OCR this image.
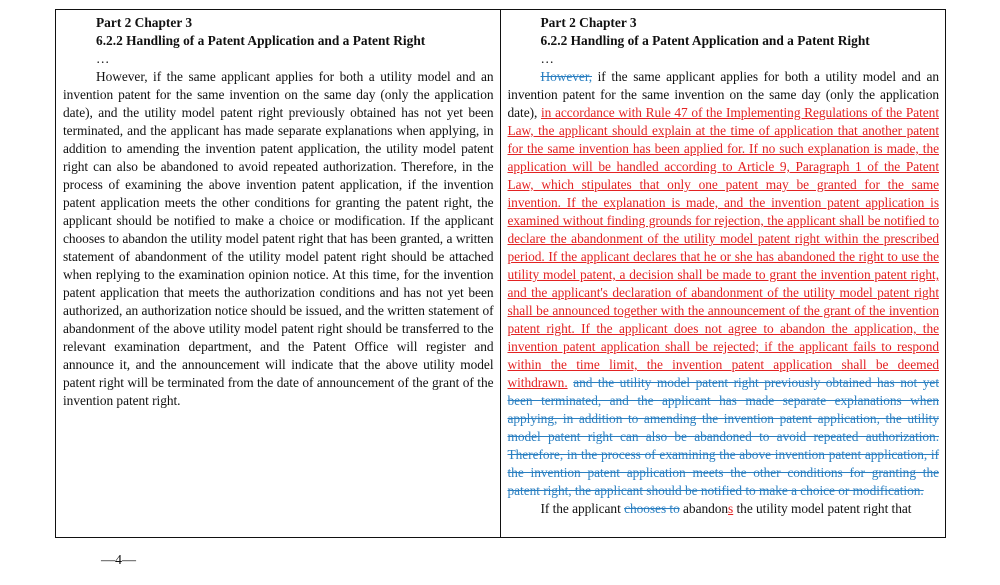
Part 2 Chapter 3
6.2.2 Handling of a Patent Application and a Patent Right
…

However, if the same applicant applies for both a utility model and an invention patent for the same invention on the same day (only the application date), and the utility model patent right previously obtained has not yet been terminated, and the applicant has made separate explanations when applying, in addition to amending the invention patent application, the utility model patent right can also be abandoned to avoid repeated authorization. Therefore, in the process of examining the above invention patent application, if the invention patent application meets the other conditions for granting the patent right, the applicant should be notified to make a choice or modification. If the applicant chooses to abandon the utility model patent right that has been granted, a written statement of abandonment of the utility model patent right should be attached when replying to the examination opinion notice. At this time, for the invention patent application that meets the authorization conditions and has not yet been authorized, an authorization notice should be issued, and the written statement of abandonment of the above utility model patent right should be transferred to the relevant examination department, and the Patent Office will register and announce it, and the announcement will indicate that the above utility model patent right will be terminated from the date of announcement of the grant of the invention patent right.

Part 2 Chapter 3
6.2.2 Handling of a Patent Application and a Patent Right
…

However, if the same applicant applies for both a utility model and an invention patent for the same invention on the same day (only the application date), in accordance with Rule 47 of the Implementing Regulations of the Patent Law, the applicant should explain at the time of application that another patent for the same invention has been applied for. If no such explanation is made, the application will be handled according to Article 9, Paragraph 1 of the Patent Law, which stipulates that only one patent may be granted for the same invention. If the explanation is made, and the invention patent application is examined without finding grounds for rejection, the applicant shall be notified to declare the abandonment of the utility model patent right within the prescribed period. If the applicant declares that he or she has abandoned the right to use the utility model patent, a decision shall be made to grant the invention patent right, and the applicant's declaration of abandonment of the utility model patent right shall be announced together with the announcement of the grant of the invention patent right. If the applicant does not agree to abandon the application, the invention patent application shall be rejected; if the applicant fails to respond within the time limit, the invention patent application shall be deemed withdrawn. and the utility model patent right previously obtained has not yet been terminated, and the applicant has made separate explanations when applying, in addition to amending the invention patent application, the utility model patent right can also be abandoned to avoid repeated authorization. Therefore, in the process of examining the above invention patent application, if the invention patent application meets the other conditions for granting the patent right, the applicant should be notified to make a choice or modification.

If the applicant chooses to abandons the utility model patent right that

—4—
